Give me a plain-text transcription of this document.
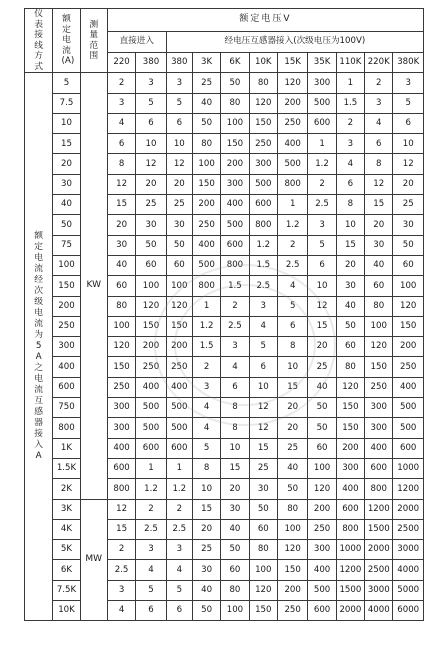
仪表接线方式	额定电流(A)	测量范围	额定电压V										
			直接进入		经电压互感器接入(次级电压为100V)								
			220	380	380	3K	6K	10K	15K	35K	110K	220K	380K
额定电流经次级电流为5A之电流互感器接入A	5	KW	2	3	3	25	50	80	120	300	1	2	3
	7.5		3	5	5	40	80	120	200	500	1.5	3	5
	10		4	6	6	50	100	150	250	600	2	4	6
	15		6	10	10	80	150	250	400	1	3	6	10
	20		8	12	12	100	200	300	500	1.2	4	8	12
	30		12	20	20	150	300	500	800	2	6	12	20
	40		15	25	25	200	400	600	1	2.5	8	15	25
	50		20	30	30	250	500	800	1.2	3	10	20	30
	75		30	50	50	400	600	1.2	2	5	15	30	50
	100		40	60	60	500	800	1.5	2.5	6	20	40	60
	150		60	100	100	800	1.5	2.5	4	10	30	60	100
	200		80	120	120	1	2	3	5	12	40	80	120
	250		100	150	150	1.2	2.5	4	6	15	50	100	150
	300		120	200	200	1.5	3	5	8	20	60	120	200
	400		150	250	250	2	4	6	10	25	80	150	250
	600		250	400	400	3	6	10	15	40	120	250	400
	750		300	500	500	4	8	12	20	50	150	300	500
	800		300	500	500	4	8	12	20	50	150	300	500
	1K		400	600	600	5	10	15	25	60	200	400	600
	1.5K		600	1	1	8	15	25	40	100	300	600	1000
	2K		800	1.2	1.2	10	20	30	50	120	400	800	1200
	3K	MW	12	2	2	15	30	50	80	200	600	1200	2000
	4K		15	2.5	2.5	20	40	60	100	250	800	1500	2500
	5K		2	3	3	25	50	80	120	300	1000	2000	3000
	6K		2.5	4	4	30	60	100	150	400	1200	2500	4000
	7.5K		3	5	5	40	80	120	200	500	1500	3000	5000
	10K		4	6	6	50	100	150	250	600	2000	4000	6000
